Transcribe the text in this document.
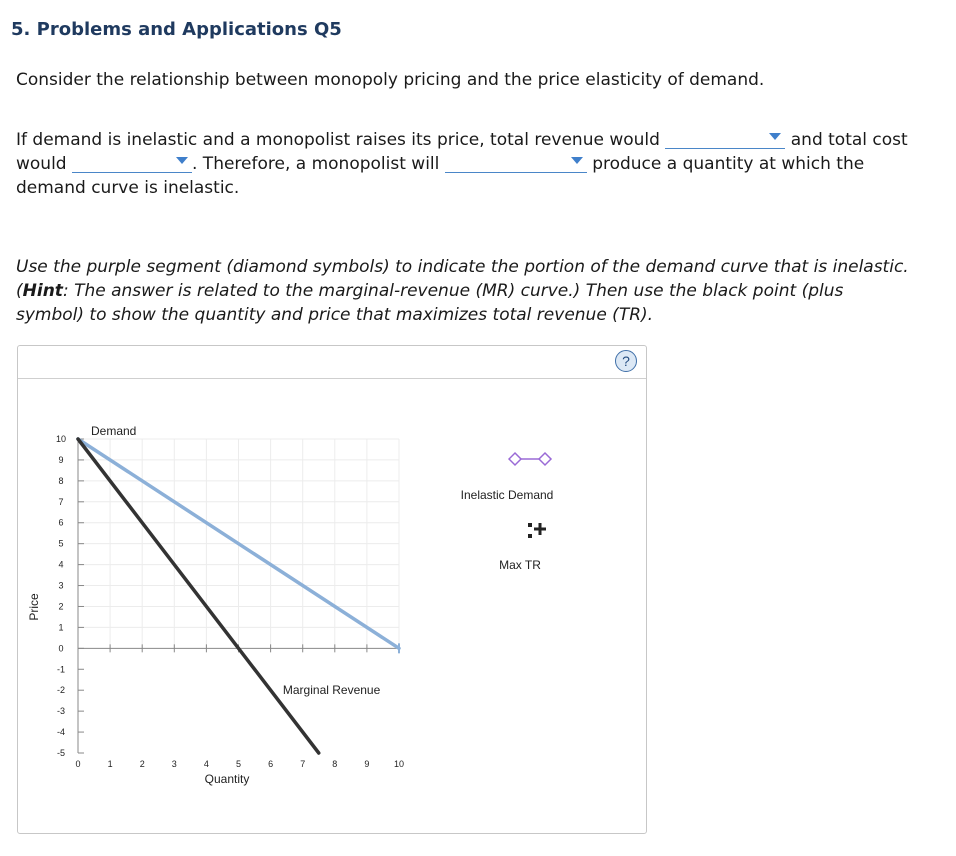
5. Problems and Applications Q5

Consider the relationship between monopoly pricing and the price elasticity of demand.

If demand is inelastic and a monopolist raises its price, total revenue would	and total cost would	. Therefore, a monopolist will	produce a quantity at which the demand curve is inelastic.

Use the purple segment (diamond symbols) to indicate the portion of the demand curve that is inelastic. (Hint: The answer is related to the marginal-revenue (MR) curve.) Then use the black point (plus symbol) to show the quantity and price that maximizes total revenue (TR).

?
10
9
8
7
6
5
4
3
2
1
0
-1
-2
-3
-4
-5
0	1	2	3	4	5	6	7	8	9	10
Demand
Marginal Revenue
Quantity
Price
Inelastic Demand
Max TR
